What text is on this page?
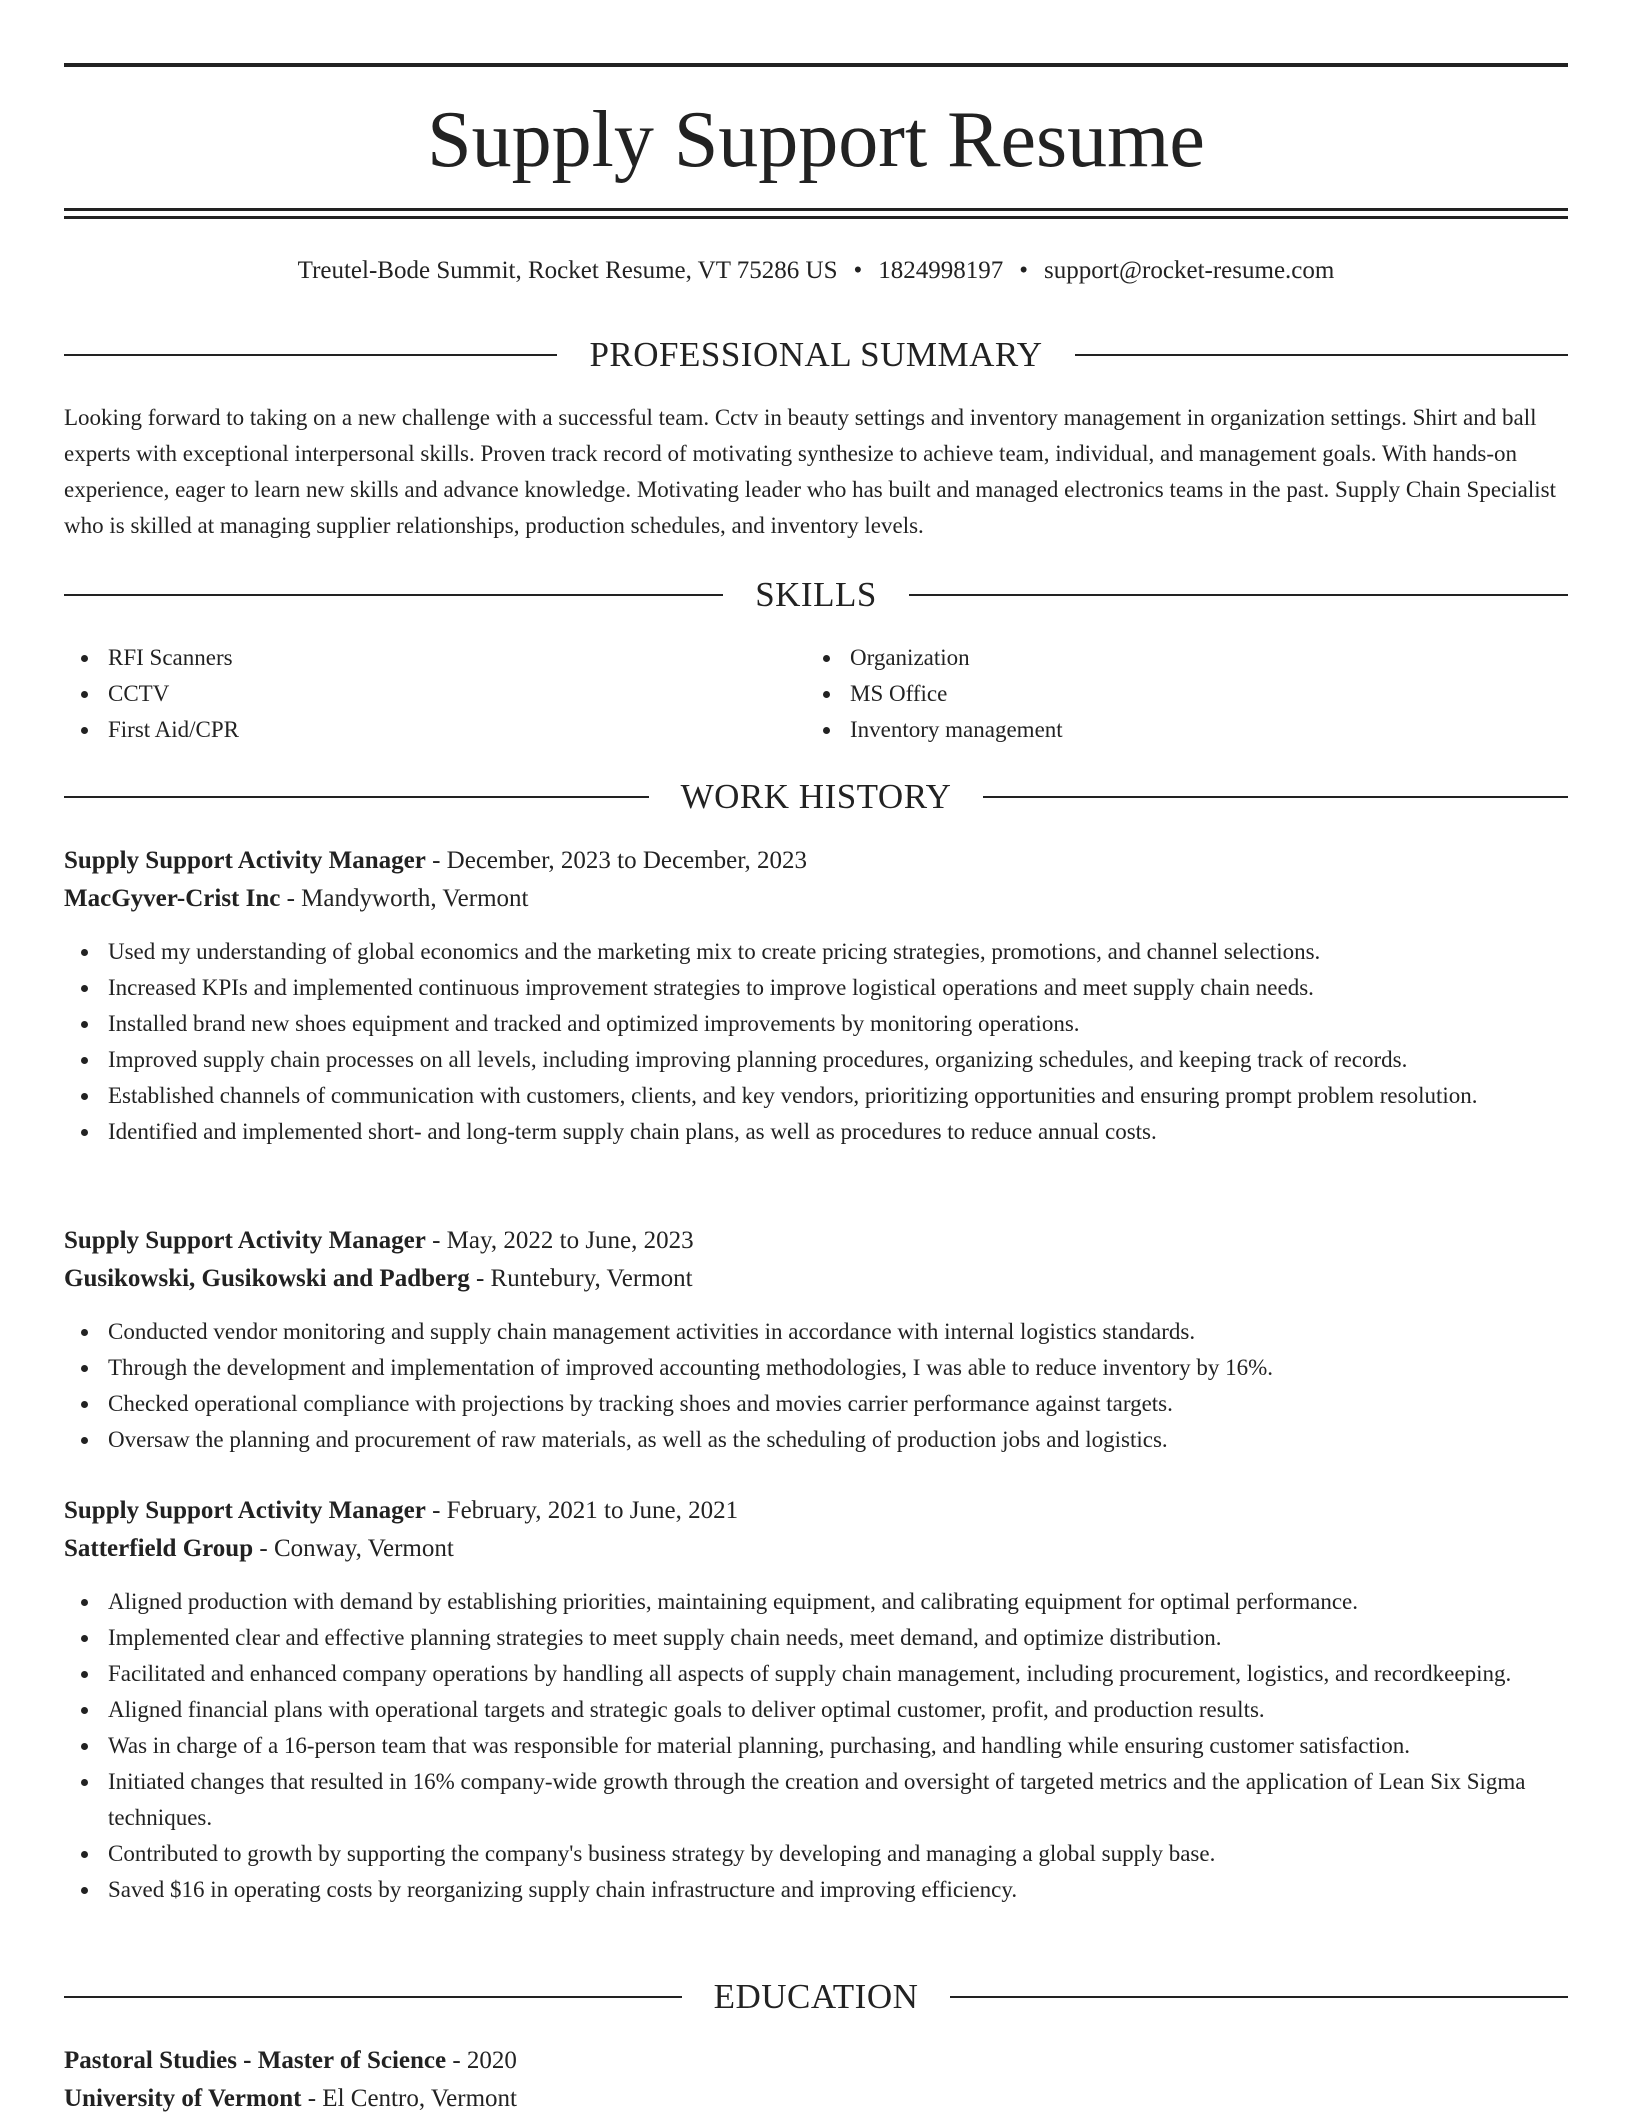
Supply Support Resume
Treutel-Bode Summit, Rocket Resume, VT 75286 US • 1824998197 • support@rocket-resume.com
PROFESSIONAL SUMMARY

Looking forward to taking on a new challenge with a successful team. Cctv in beauty settings and inventory management in organization settings. Shirt and ball experts with exceptional interpersonal skills. Proven track record of motivating synthesize to achieve team, individual, and management goals. With hands-on experience, eager to learn new skills and advance knowledge. Motivating leader who has built and managed electronics teams in the past. Supply Chain Specialist who is skilled at managing supplier relationships, production schedules, and inventory levels.

SKILLS
RFI Scanners
CCTV
First Aid/CPR
Organization
MS Office
Inventory management
WORK HISTORY
Supply Support Activity Manager - December, 2023 to December, 2023
MacGyver-Crist Inc - Mandyworth, Vermont
Used my understanding of global economics and the marketing mix to create pricing strategies, promotions, and channel selections.
Increased KPIs and implemented continuous improvement strategies to improve logistical operations and meet supply chain needs.
Installed brand new shoes equipment and tracked and optimized improvements by monitoring operations.
Improved supply chain processes on all levels, including improving planning procedures, organizing schedules, and keeping track of records.
Established channels of communication with customers, clients, and key vendors, prioritizing opportunities and ensuring prompt problem resolution.
Identified and implemented short- and long-term supply chain plans, as well as procedures to reduce annual costs.
Supply Support Activity Manager - May, 2022 to June, 2023
Gusikowski, Gusikowski and Padberg - Runtebury, Vermont
Conducted vendor monitoring and supply chain management activities in accordance with internal logistics standards.
Through the development and implementation of improved accounting methodologies, I was able to reduce inventory by 16%.
Checked operational compliance with projections by tracking shoes and movies carrier performance against targets.
Oversaw the planning and procurement of raw materials, as well as the scheduling of production jobs and logistics.
Supply Support Activity Manager - February, 2021 to June, 2021
Satterfield Group - Conway, Vermont
Aligned production with demand by establishing priorities, maintaining equipment, and calibrating equipment for optimal performance.
Implemented clear and effective planning strategies to meet supply chain needs, meet demand, and optimize distribution.
Facilitated and enhanced company operations by handling all aspects of supply chain management, including procurement, logistics, and recordkeeping.
Aligned financial plans with operational targets and strategic goals to deliver optimal customer, profit, and production results.
Was in charge of a 16-person team that was responsible for material planning, purchasing, and handling while ensuring customer satisfaction.
Initiated changes that resulted in 16% company-wide growth through the creation and oversight of targeted metrics and the application of Lean Six Sigma techniques.
Contributed to growth by supporting the company's business strategy by developing and managing a global supply base.
Saved $16 in operating costs by reorganizing supply chain infrastructure and improving efficiency.
EDUCATION
Pastoral Studies - Master of Science - 2020
University of Vermont - El Centro, Vermont
